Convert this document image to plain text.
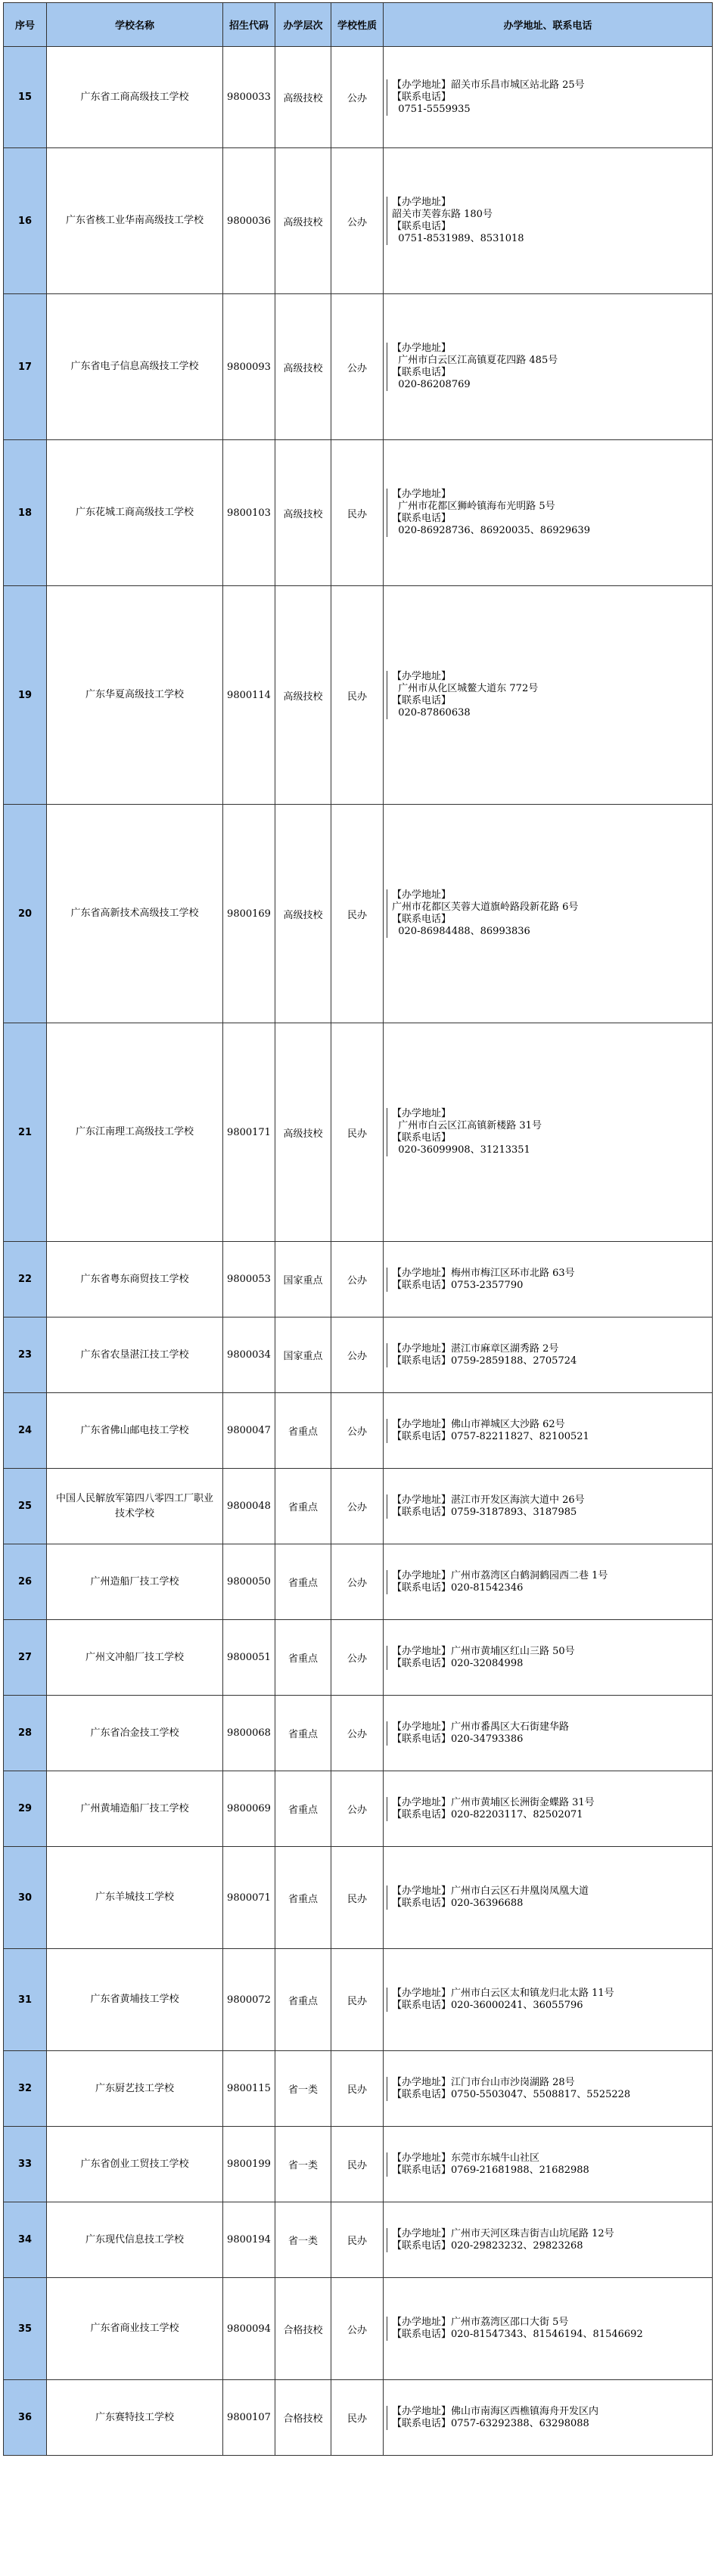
序号	学校名称	招生代码	办学层次	学校性质	办学地址、联系电话
15	广东省工商高级技工学校	9800033	高级技校	公办	【办学地址】韶关市乐昌市城区站北路 25号
【联系电话】
0751-5559935

16	广东省核工业华南高级技工学校	9800036	高级技校	公办	【办学地址】
韶关市芙蓉东路 180号
【联系电话】
0751-8531989、8531018

17	广东省电子信息高级技工学校	9800093	高级技校	公办	【办学地址】
广州市白云区江高镇夏花四路 485号
【联系电话】
020-86208769

18	广东花城工商高级技工学校	9800103	高级技校	民办	【办学地址】
广州市花都区狮岭镇海布光明路 5号
【联系电话】
020-86928736、86920035、86929639

19	广东华夏高级技工学校	9800114	高级技校	民办	【办学地址】
广州市从化区城鳌大道东 772号
【联系电话】
020-87860638

20	广东省高新技术高级技工学校	9800169	高级技校	民办	【办学地址】
广州市花都区芙蓉大道旗岭路段新花路 6号
【联系电话】
020-86984488、86993836

21	广东江南理工高级技工学校	9800171	高级技校	民办	【办学地址】
广州市白云区江高镇新楼路 31号
【联系电话】
020-36099908、31213351

22	广东省粤东商贸技工学校	9800053	国家重点	公办	【办学地址】梅州市梅江区环市北路 63号
【联系电话】0753-2357790

23	广东省农垦湛江技工学校	9800034	国家重点	公办	【办学地址】湛江市麻章区湖秀路 2号
【联系电话】0759-2859188、2705724

24	广东省佛山邮电技工学校	9800047	省重点	公办	【办学地址】佛山市禅城区大沙路 62号
【联系电话】0757-82211827、82100521

25	中国人民解放军第四八零四工厂职业技术学校	9800048	省重点	公办	【办学地址】湛江市开发区海滨大道中 26号
【联系电话】0759-3187893、3187985

26	广州造船厂技工学校	9800050	省重点	公办	【办学地址】广州市荔湾区白鹤洞鹤园西二巷 1号
【联系电话】020-81542346

27	广州文冲船厂技工学校	9800051	省重点	公办	【办学地址】广州市黄埔区红山三路 50号
【联系电话】020-32084998

28	广东省冶金技工学校	9800068	省重点	公办	【办学地址】广州市番禺区大石街建华路
【联系电话】020-34793386

29	广州黄埔造船厂技工学校	9800069	省重点	公办	【办学地址】广州市黄埔区长洲街金蝶路 31号
【联系电话】020-82203117、82502071

30	广东羊城技工学校	9800071	省重点	民办	【办学地址】广州市白云区石井凰岗凤凰大道
【联系电话】020-36396688

31	广东省黄埔技工学校	9800072	省重点	民办	【办学地址】广州市白云区太和镇龙归北太路 11号
【联系电话】020-36000241、36055796

32	广东厨艺技工学校	9800115	省一类	民办	【办学地址】江门市台山市沙岗湖路 28号
【联系电话】0750-5503047、5508817、5525228

33	广东省创业工贸技工学校	9800199	省一类	民办	【办学地址】东莞市东城牛山社区
【联系电话】0769-21681988、21682988

34	广东现代信息技工学校	9800194	省一类	民办	【办学地址】广州市天河区珠吉街吉山坑尾路 12号
【联系电话】020-29823232、29823268

35	广东省商业技工学校	9800094	合格技校	公办	【办学地址】广州市荔湾区邵口大街 5号
【联系电话】020-81547343、81546194、81546692

36	广东赛特技工学校	9800107	合格技校	民办	【办学地址】佛山市南海区西樵镇海舟开发区内
【联系电话】0757-63292388、63298088
